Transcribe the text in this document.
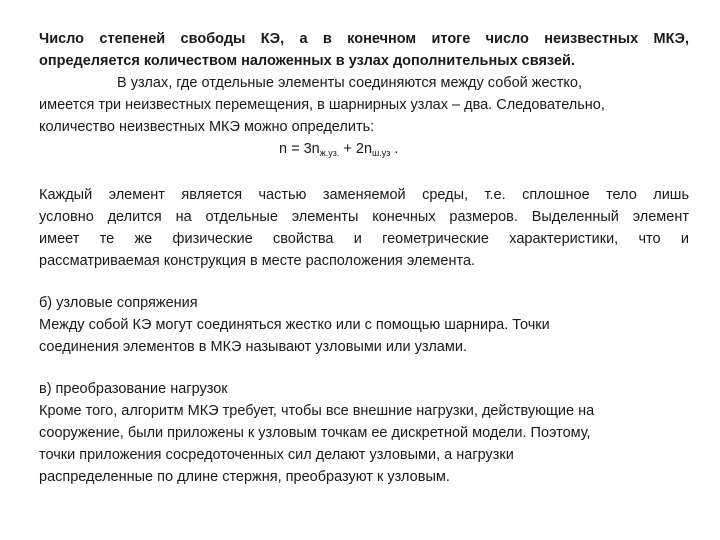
Число степеней свободы КЭ, а в конечном итоге число неизвестных МКЭ,
определяется количеством наложенных в узлах дополнительных связей.
В узлах, где отдельные элементы соединяются между собой жестко,
имеется три неизвестных перемещения, в шарнирных узлах – два. Следовательно,
количество неизвестных МКЭ можно определить:
$n = 3n_{ж.уз.} + 2n_{ш.уз}$ .
Каждый элемент является частью заменяемой среды, т.е. сплошное тело лишь
условно делится на отдельные элементы конечных размеров. Выделенный элемент
имеет те же физические свойства и геометрические характеристики, что и
рассматриваемая конструкция в месте расположения элемента.
б) узловые сопряжения
Между собой КЭ могут соединяться жестко или с помощью шарнира. Точки
соединения элементов в МКЭ называют узловыми или узлами.
в) преобразование нагрузок
Кроме того, алгоритм МКЭ требует, чтобы все внешние нагрузки, действующие на
сооружение, были приложены к узловым точкам ее дискретной модели. Поэтому,
точки приложения сосредоточенных сил делают узловыми, а нагрузки
распределенные по длине стержня, преобразуют к узловым.
